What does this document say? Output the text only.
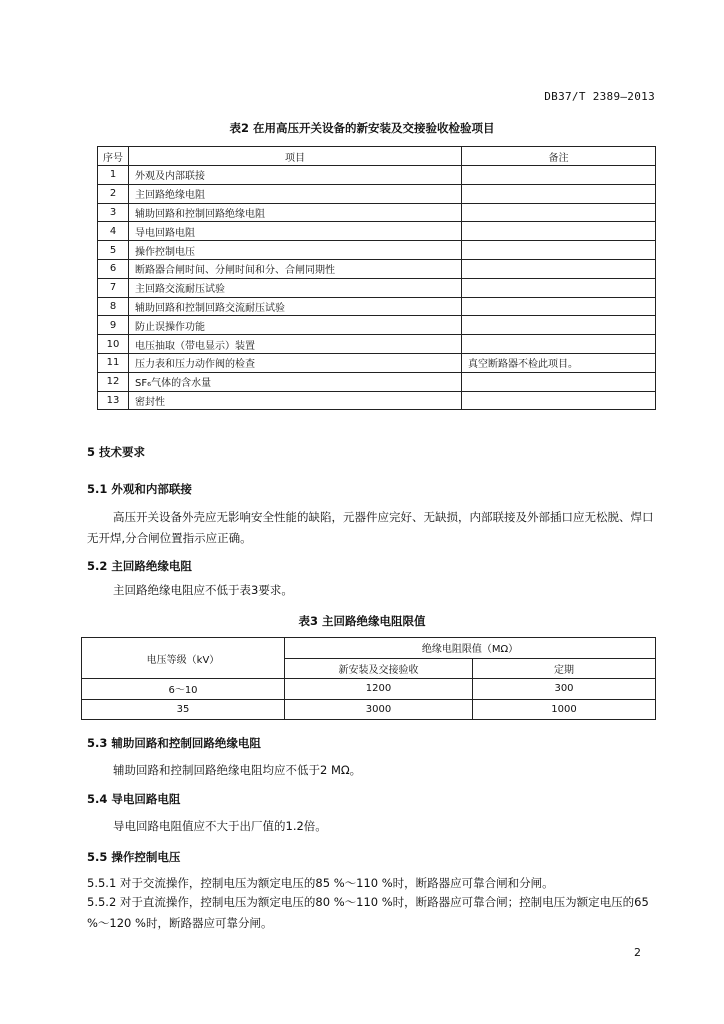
DB37/T 2389—2013
表2 在用高压开关设备的新安装及交接验收检验项目
序号	项目	备注
1	外观及内部联接	
2	主回路绝缘电阻	
3	辅助回路和控制回路绝缘电阻	
4	导电回路电阻	
5	操作控制电压	
6	断路器合闸时间、分闸时间和分、合闸同期性	
7	主回路交流耐压试验	
8	辅助回路和控制回路交流耐压试验	
9	防止误操作功能	
10	电压抽取（带电显示）装置	
11	压力表和压力动作阀的检查	真空断路器不检此项目。
12	SF₆气体的含水量	
13	密封性	
5 技术要求
5.1 外观和内部联接

高压开关设备外壳应无影响安全性能的缺陷，元器件应完好、无缺损，内部联接及外部插口应无松脱、焊口无开焊,分合闸位置指示应正确。

5.2 主回路绝缘电阻

主回路绝缘电阻应不低于表3要求。

表3 主回路绝缘电阻限值
电压等级（kV）	绝缘电阻限值（MΩ）	
	新安装及交接验收	定期
6～10	1200	300
35	3000	1000
5.3 辅助回路和控制回路绝缘电阻

辅助回路和控制回路绝缘电阻均应不低于2 MΩ。

5.4 导电回路电阻

导电回路电阻值应不大于出厂值的1.2倍。

5.5 操作控制电压

5.5.1 对于交流操作，控制电压为额定电压的85 %～110 %时，断路器应可靠合闸和分闸。

5.5.2 对于直流操作，控制电压为额定电压的80 %～110 %时，断路器应可靠合闸；控制电压为额定电压的65 %～120 %时，断路器应可靠分闸。

2
